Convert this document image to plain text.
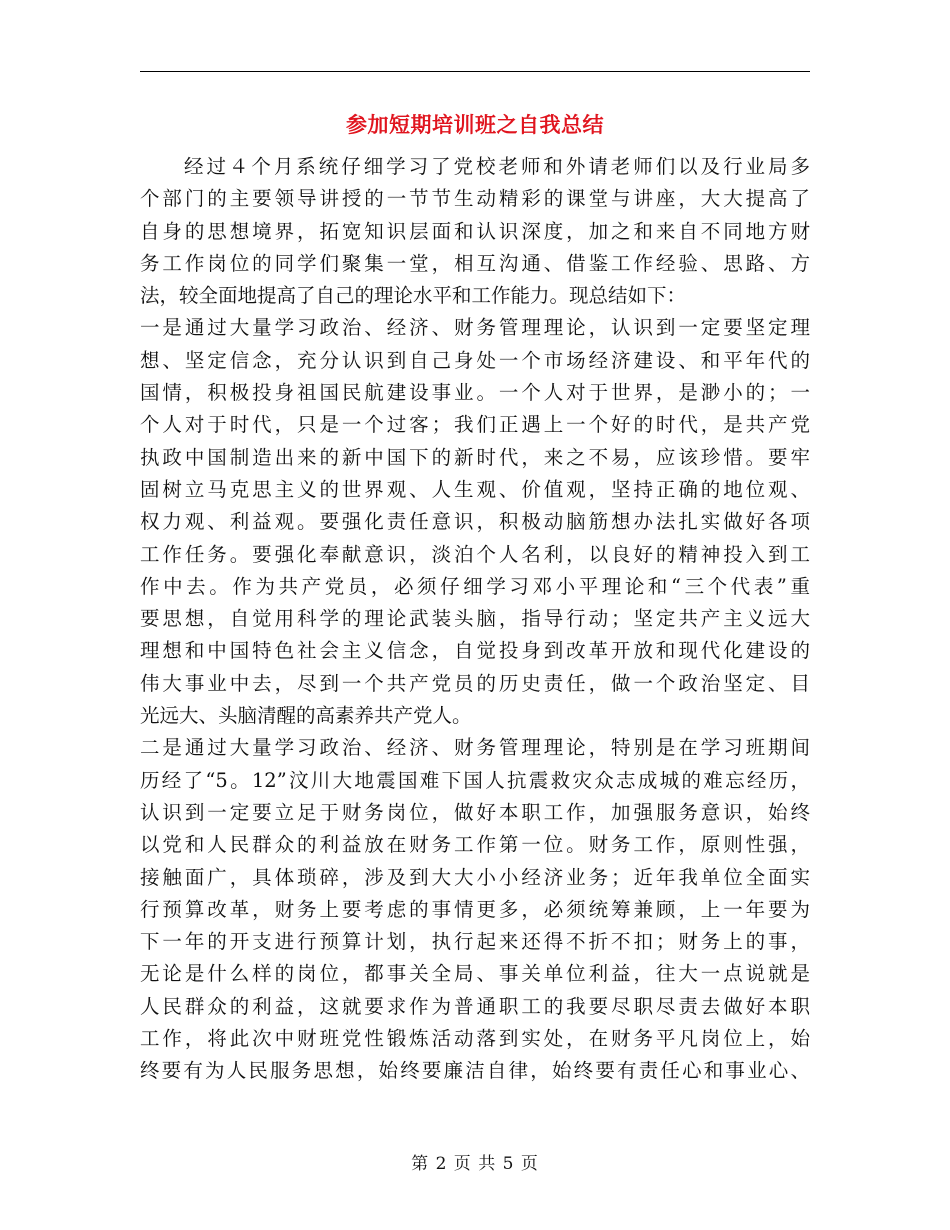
参加短期培训班之自我总结
经过４个月系统仔细学习了党校老师和外请老师们以及行业局多
个部门的主要领导讲授的一节节生动精彩的课堂与讲座，大大提高了
自身的思想境界，拓宽知识层面和认识深度，加之和来自不同地方财
务工作岗位的同学们聚集一堂，相互沟通、借鉴工作经验、思路、方
法，较全面地提高了自己的理论水平和工作能力。现总结如下：
一是通过大量学习政治、经济、财务管理理论，认识到一定要坚定理
想、坚定信念，充分认识到自己身处一个市场经济建设、和平年代的
国情，积极投身祖国民航建设事业。一个人对于世界，是渺小的；一
个人对于时代，只是一个过客；我们正遇上一个好的时代，是共产党
执政中国制造出来的新中国下的新时代，来之不易，应该珍惜。要牢
固树立马克思主义的世界观、人生观、价值观，坚持正确的地位观、
权力观、利益观。要强化责任意识，积极动脑筋想办法扎实做好各项
工作任务。要强化奉献意识，淡泊个人名利，以良好的精神投入到工
作中去。作为共产党员，必须仔细学习邓小平理论和“三个代表”重
要思想，自觉用科学的理论武装头脑，指导行动；坚定共产主义远大
理想和中国特色社会主义信念，自觉投身到改革开放和现代化建设的
伟大事业中去，尽到一个共产党员的历史责任，做一个政治坚定、目
光远大、头脑清醒的高素养共产党人。
二是通过大量学习政治、经济、财务管理理论，特别是在学习班期间
历经了“5。12”汶川大地震国难下国人抗震救灾众志成城的难忘经历，
认识到一定要立足于财务岗位，做好本职工作，加强服务意识，始终
以党和人民群众的利益放在财务工作第一位。财务工作，原则性强，
接触面广，具体琐碎，涉及到大大小小经济业务；近年我单位全面实
行预算改革，财务上要考虑的事情更多，必须统筹兼顾，上一年要为
下一年的开支进行预算计划，执行起来还得不折不扣；财务上的事，
无论是什么样的岗位，都事关全局、事关单位利益，往大一点说就是
人民群众的利益，这就要求作为普通职工的我要尽职尽责去做好本职
工作，将此次中财班党性锻炼活动落到实处，在财务平凡岗位上，始
终要有为人民服务思想，始终要廉洁自律，始终要有责任心和事业心、
第 2 页 共 5 页
